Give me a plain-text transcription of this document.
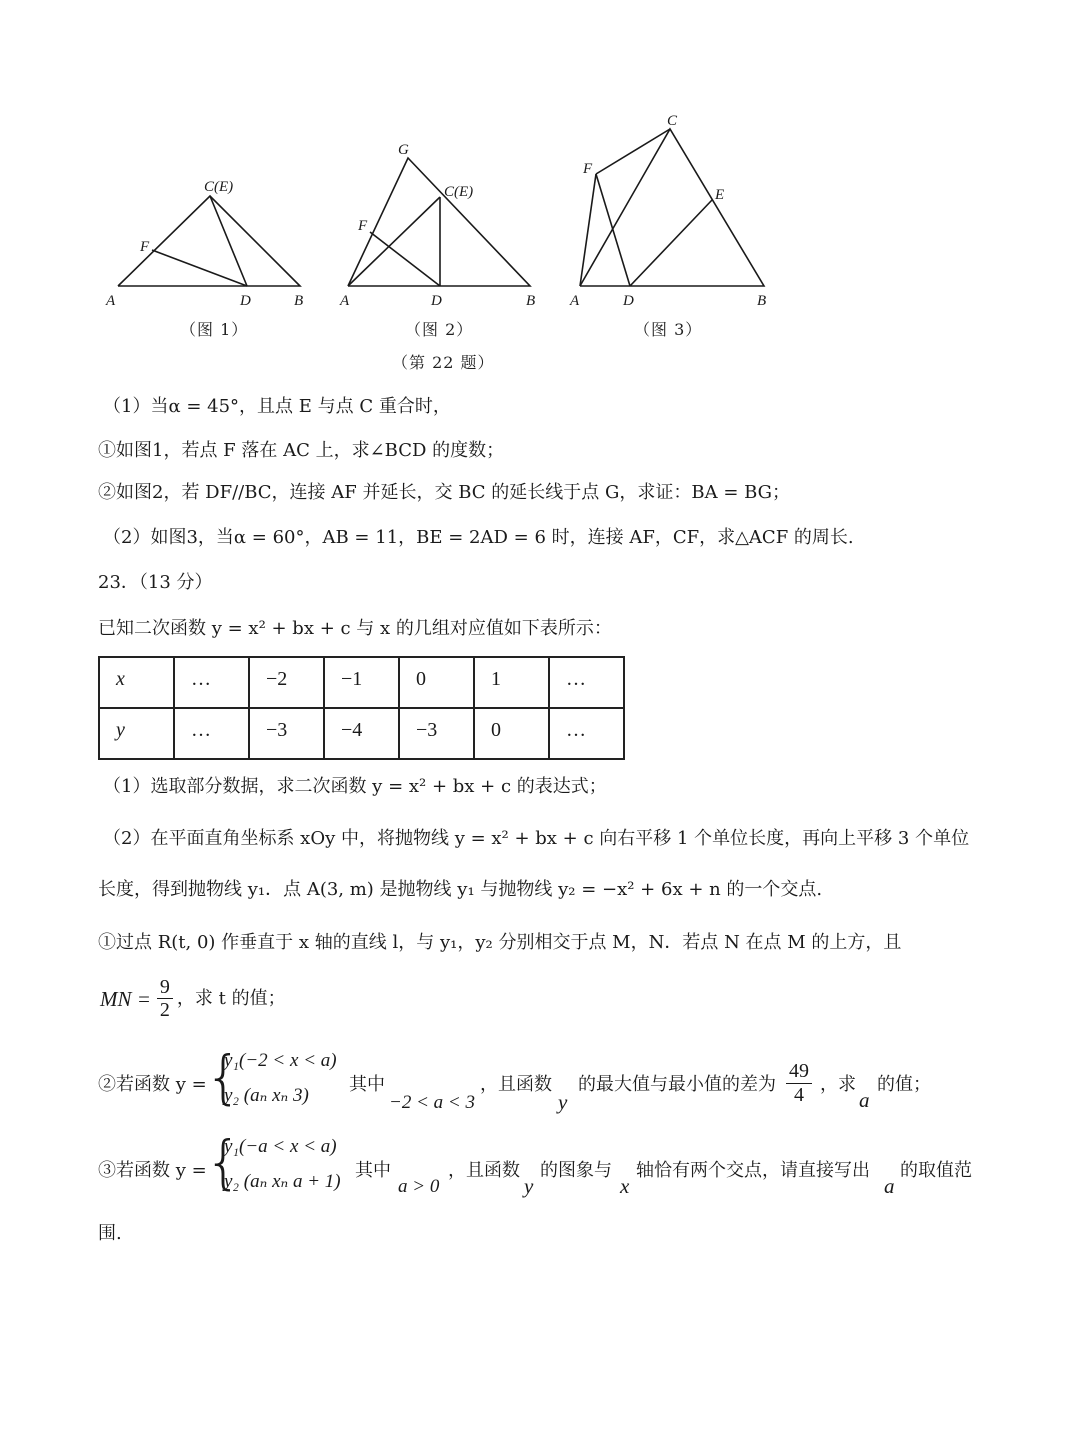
A	B
C(E)
D
F
A	B
C(E)
D
F
G
A	B
C
D
E
F
（图 1）	（图 2）	（图 3）
（第 22 题）
（1）当α = 45°，且点 E 与点 C 重合时，
①如图1，若点 F 落在 AC 上，求∠BCD 的度数；
②如图2，若 DF//BC，连接 AF 并延长，交 BC 的延长线于点 G，求证：BA = BG；
（2）如图3，当α = 60°，AB = 11，BE = 2AD = 6 时，连接 AF，CF，求△ACF 的周长.
23．（13 分）
已知二次函数 y = x² + bx + c 与 x 的几组对应值如下表所示：
x	…	−2	−1	0	1	…
y	…	−3	−4	−3	0	…
（1）选取部分数据，求二次函数 y = x² + bx + c 的表达式；
（2）在平面直角坐标系 xOy 中，将抛物线 y = x² + bx + c 向右平移 1 个单位长度，再向上平移 3 个单位
长度，得到抛物线 y₁．点 A(3, m) 是抛物线 y₁ 与抛物线 y₂ = −x² + 6x + n 的一个交点.
①过点 R(t, 0) 作垂直于 x 轴的直线 l，与 y₁，y₂ 分别相交于点 M，N．若点 N 在点 M 的上方，且
MN = $\frac{9}{2}$ ，求 t 的值；
②若函数 y =
{
y₁(−2 < x < a)
y₂ (aₙ xₙ 3)
其中
−2 < a < 3
，且函数
y
的最大值与最小值的差为 $\frac{49}{4}$ ，求
a
的值；
③若函数 y =
{
y₁(−a < x < a)
y₂ (aₙ xₙ a + 1)
其中
a > 0
，且函数
y
的图象与
x
轴恰有两个交点，请直接写出
a
的取值范
围.
